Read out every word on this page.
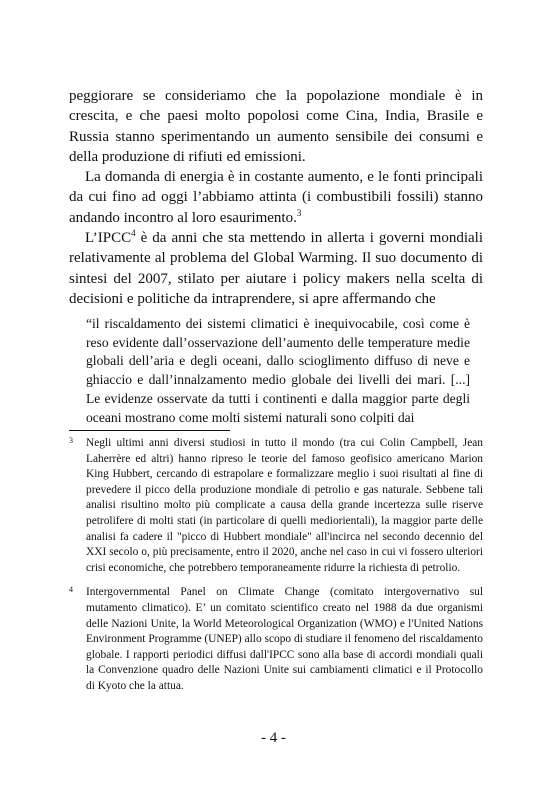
peggiorare se consideriamo che la popolazione mondiale è in crescita, e che paesi molto popolosi come Cina, India, Brasile e Russia stanno sperimentando un aumento sensibile dei consumi e della produzione di rifiuti ed emissioni.

La domanda di energia è in costante aumento, e le fonti principali da cui fino ad oggi l’abbiamo attinta (i combustibili fossili) stanno andando incontro al loro esaurimento.$^3$

L’IPCC$^4$ è da anni che sta mettendo in allerta i governi mondiali relativamente al problema del Global Warming. Il suo documento di sintesi del 2007, stilato per aiutare i policy makers nella scelta di decisioni e politiche da intraprendere, si apre affermando che

“il riscaldamento dei sistemi climatici è inequivocabile, così come è reso evidente dall’osservazione dell’aumento delle temperature medie globali dell’aria e degli oceani, dallo scioglimento diffuso di neve e ghiaccio e dall’innalzamento medio globale dei livelli dei mari. [...] Le evidenze osservate da tutti i continenti e dalla maggior parte degli oceani mostrano come molti sistemi naturali sono colpiti dai

3 Negli ultimi anni diversi studiosi in tutto il mondo (tra cui Colin Campbell, Jean Laherrère ed altri) hanno ripreso le teorie del famoso geofisico americano Marion King Hubbert, cercando di estrapolare e formalizzare meglio i suoi risultati al fine di prevedere il picco della produzione mondiale di petrolio e gas naturale. Sebbene tali analisi risultino molto più complicate a causa della grande incertezza sulle riserve petrolifere di molti stati (in particolare di quelli mediorientali), la maggior parte delle analisi fa cadere il "picco di Hubbert mondiale" all'incirca nel secondo decennio del XXI secolo o, più precisamente, entro il 2020, anche nel caso in cui vi fossero ulteriori crisi economiche, che potrebbero temporaneamente ridurre la richiesta di petrolio.
4 Intergovernmental Panel on Climate Change (comitato intergovernativo sul mutamento climatico). E’ un comitato scientifico creato nel 1988 da due organismi delle Nazioni Unite, la World Meteorological Organization (WMO) e l'United Nations Environment Programme (UNEP) allo scopo di studiare il fenomeno del riscaldamento globale. I rapporti periodici diffusi dall'IPCC sono alla base di accordi mondiali quali la Convenzione quadro delle Nazioni Unite sui cambiamenti climatici e il Protocollo di Kyoto che la attua.
- 4 -
